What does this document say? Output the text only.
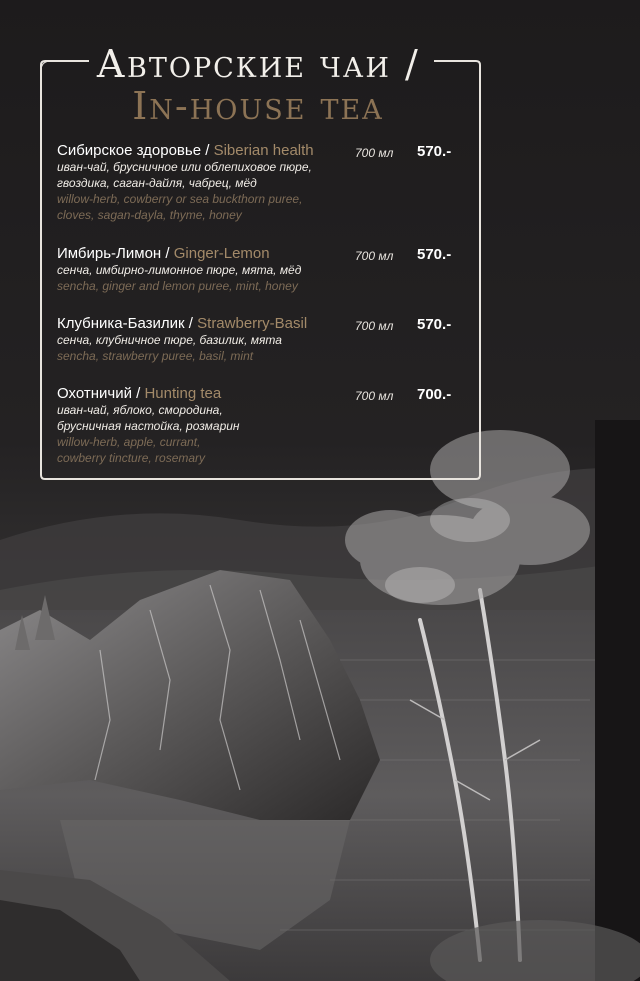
Авторские чаи /
In-house tea
Сибирское здоровье / Siberian health
иван-чай, брусничное или облепиховое пюре,
гвоздика, саган-дайля, чабрец, мёд
willow-herb, cowberry or sea buckthorn puree,
cloves, sagan-dayla, thyme, honey
700 мл 570.-
Имбирь-Лимон / Ginger-Lemon
сенча, имбирно-лимонное пюре, мята, мёд
sencha, ginger and lemon puree, mint, honey
700 мл 570.-
Клубника-Базилик / Strawberry-Basil
сенча, клубничное пюре, базилик, мята
sencha, strawberry puree, basil, mint
700 мл 570.-
Охотничий / Hunting tea
иван-чай, яблоко, смородина,
брусничная настойка, розмарин
willow-herb, apple, currant,
cowberry tincture, rosemary
700 мл 700.-
